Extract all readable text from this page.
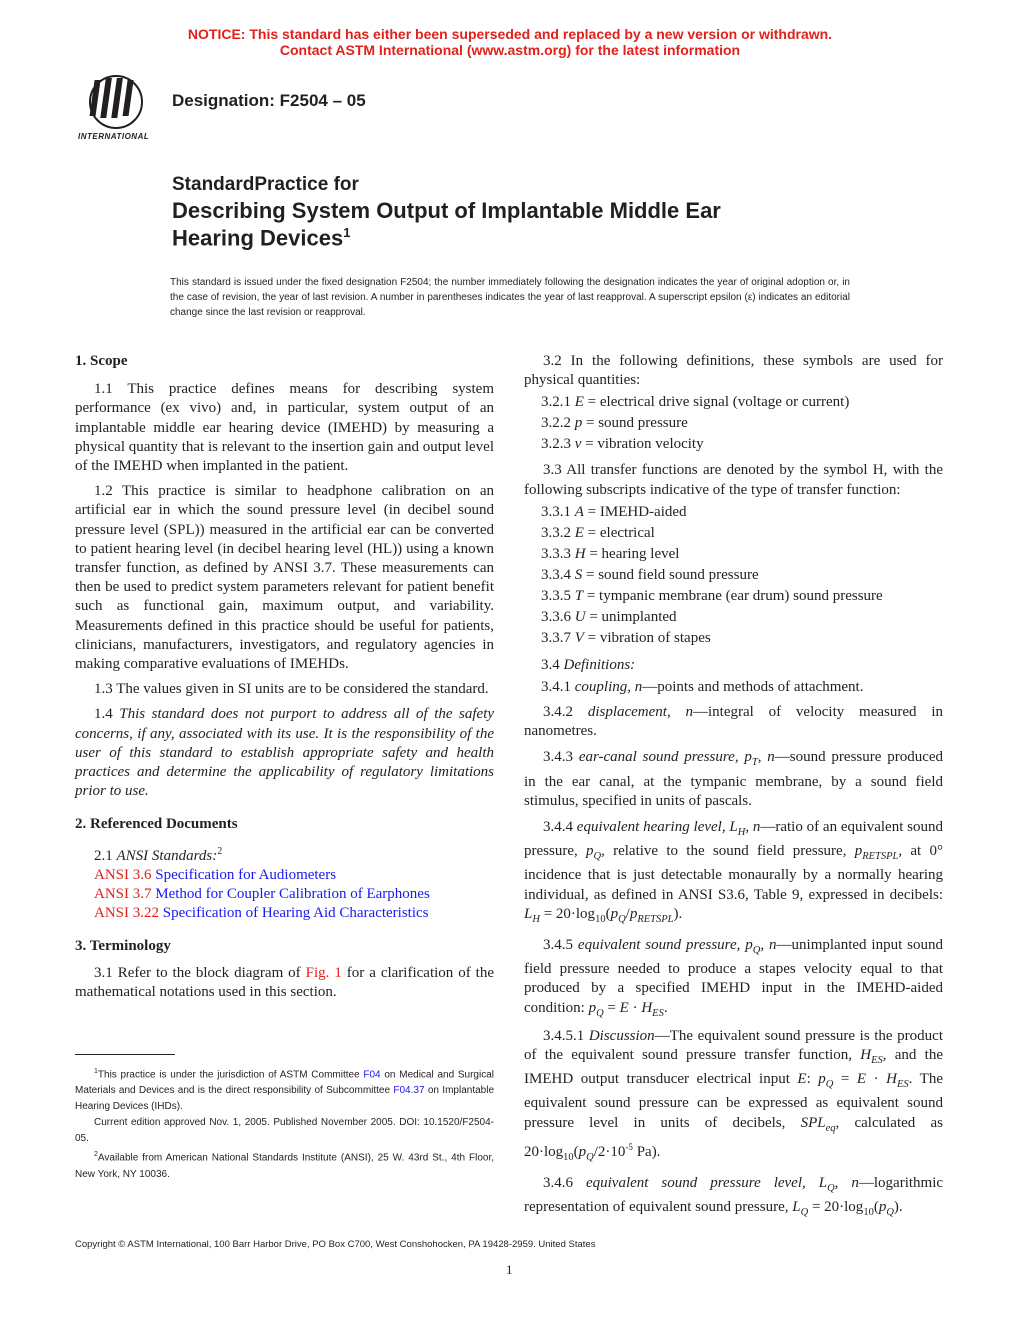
NOTICE: This standard has either been superseded and replaced by a new version or withdrawn.
Contact ASTM International (www.astm.org) for the latest information
INTERNATIONAL
Designation: F2504 – 05
StandardPractice for
Describing System Output of Implantable Middle Ear
Hearing Devices$^1$
This standard is issued under the fixed designation F2504; the number immediately following the designation indicates the year of original adoption or, in the case of revision, the year of last revision. A number in parentheses indicates the year of last reapproval. A superscript epsilon (ε) indicates an editorial change since the last revision or reapproval.

1. Scope

1.1 This practice defines means for describing system performance (ex vivo) and, in particular, system output of an implantable middle ear hearing device (IMEHD) by measuring a physical quantity that is relevant to the insertion gain and output level of the IMEHD when implanted in the patient.

1.2 This practice is similar to headphone calibration on an artificial ear in which the sound pressure level (in decibel sound pressure level (SPL)) measured in the artificial ear can be converted to patient hearing level (in decibel hearing level (HL)) using a known transfer function, as defined by ANSI 3.7. These measurements can then be used to predict system parameters relevant for patient benefit such as functional gain, maximum output, and variability. Measurements defined in this practice should be useful for patients, clinicians, manufacturers, investigators, and regulatory agencies in making comparative evaluations of IMEHDs.

1.3 The values given in SI units are to be considered the standard.

1.4 This standard does not purport to address all of the safety concerns, if any, associated with its use. It is the responsibility of the user of this standard to establish appropriate safety and health practices and determine the applicability of regulatory limitations prior to use.

2. Referenced Documents

2.1 ANSI Standards:$^2$

ANSI 3.6 Specification for Audiometers

ANSI 3.7 Method for Coupler Calibration of Earphones

ANSI 3.22 Specification of Hearing Aid Characteristics

3. Terminology

3.1 Refer to the block diagram of Fig. 1 for a clarification of the mathematical notations used in this section.

$^1$This practice is under the jurisdiction of ASTM Committee F04 on Medical and Surgical Materials and Devices and is the direct responsibility of Subcommittee F04.37 on Implantable Hearing Devices (IHDs).
Current edition approved Nov. 1, 2005. Published November 2005. DOI: 10.1520/F2504-05.
$^2$Available from American National Standards Institute (ANSI), 25 W. 43rd St., 4th Floor, New York, NY 10036.

3.2 In the following definitions, these symbols are used for physical quantities:

3.2.1 E = electrical drive signal (voltage or current)

3.2.2 p = sound pressure

3.2.3 v = vibration velocity

3.3 All transfer functions are denoted by the symbol H, with the following subscripts indicative of the type of transfer function:

3.3.1 A = IMEHD-aided

3.3.2 E = electrical

3.3.3 H = hearing level

3.3.4 S = sound field sound pressure

3.3.5 T = tympanic membrane (ear drum) sound pressure

3.3.6 U = unimplanted

3.3.7 V = vibration of stapes

3.4 Definitions:

3.4.1 coupling, n—points and methods of attachment.

3.4.2 displacement, n—integral of velocity measured in nanometres.

3.4.3 ear-canal sound pressure, $p_T$, n—sound pressure produced in the ear canal, at the tympanic membrane, by a sound field stimulus, specified in units of pascals.

3.4.4 equivalent hearing level, $L_H$, n—ratio of an equivalent sound pressure, $p_Q$, relative to the sound field pressure, $p_{RETSPL}$, at 0° incidence that is just detectable monaurally by a normally hearing individual, as defined in ANSI S3.6, Table 9, expressed in decibels: $L_H = 20\cdot\log_{10}(p_Q/p_{RETSPL})$.

3.4.5 equivalent sound pressure, $p_Q$, n—unimplanted input sound field pressure needed to produce a stapes velocity equal to that produced by a specified IMEHD input in the IMEHD-aided condition: $p_Q = E \cdot H_{ES}$.

3.4.5.1 Discussion—The equivalent sound pressure is the product of the equivalent sound pressure transfer function, $H_{ES}$, and the IMEHD output transducer electrical input E: $p_Q = E \cdot H_{ES}$. The equivalent sound pressure can be expressed as equivalent sound pressure level in units of decibels, $SPL_{eq}$, calculated as $20\cdot\log_{10}(p_Q/2\cdot 10^{-5}$ Pa).

3.4.6 equivalent sound pressure level, $L_Q$, n—logarithmic representation of equivalent sound pressure, $L_Q = 20\cdot\log_{10}(p_Q)$.

Copyright © ASTM International, 100 Barr Harbor Drive, PO Box C700, West Conshohocken, PA 19428-2959. United States
1
